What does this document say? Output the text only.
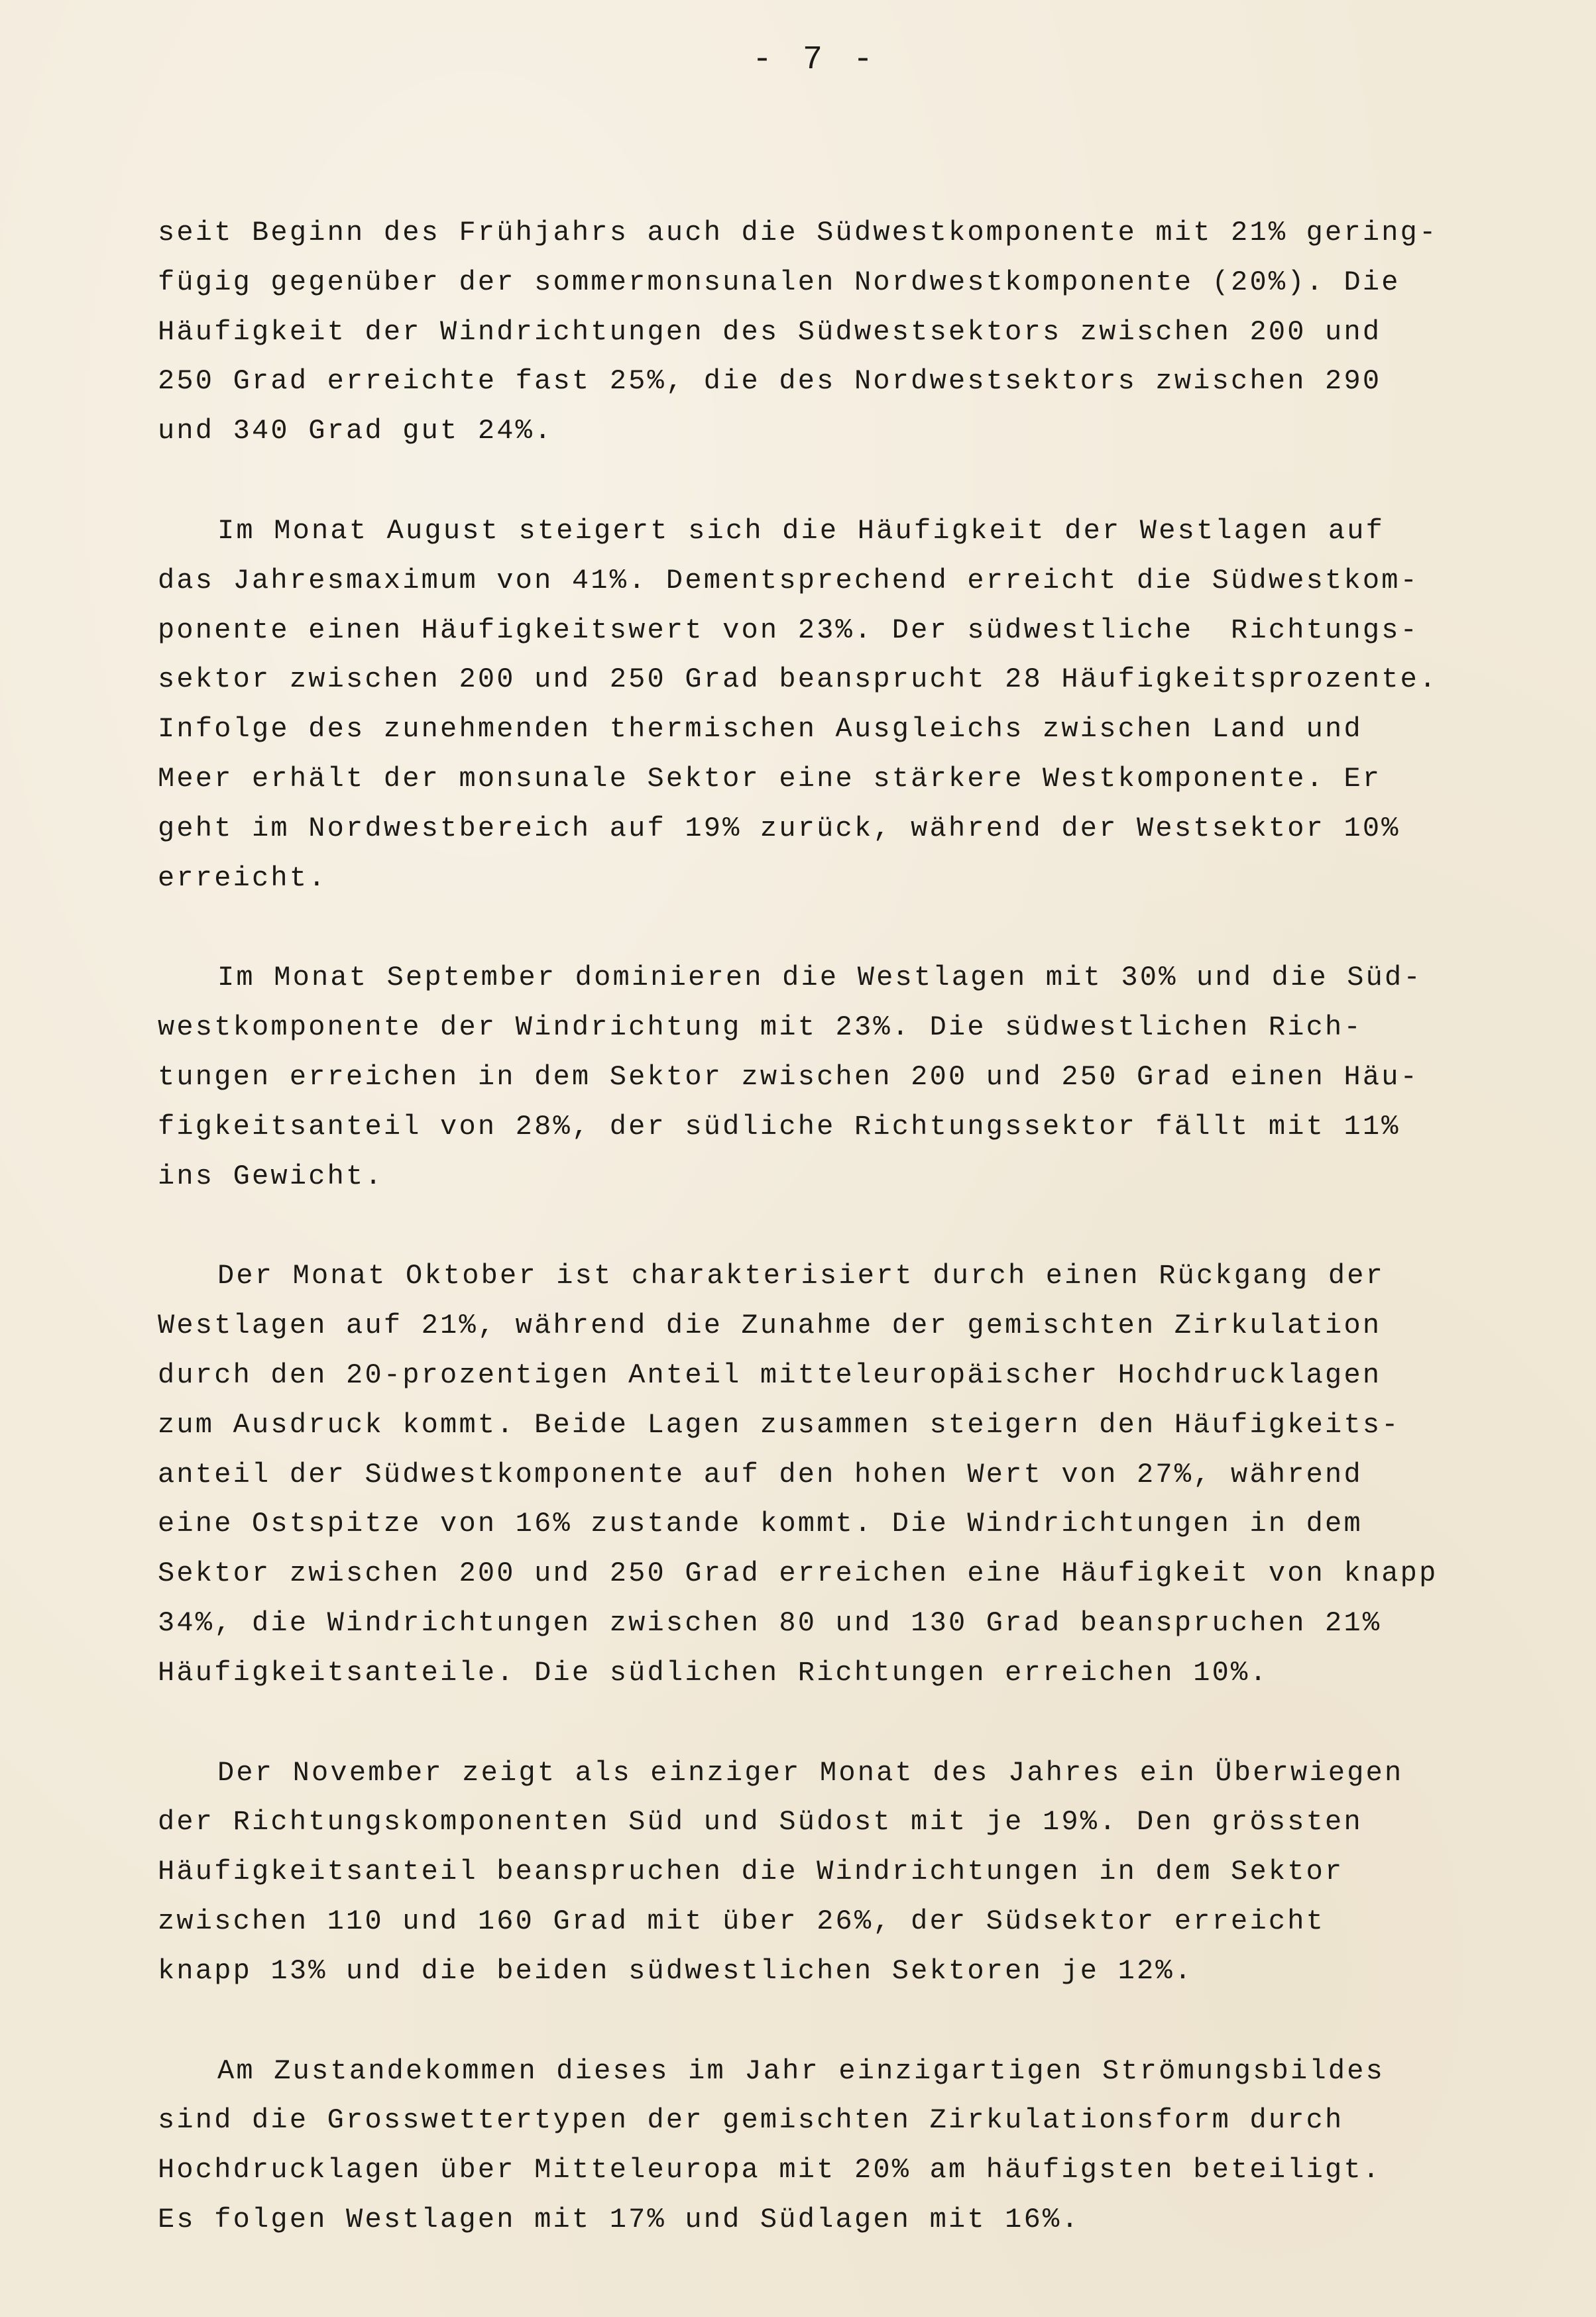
- 7 -
seit Beginn des Frühjahrs auch die Südwestkomponente mit 21% gering-
fügig gegenüber der sommermonsunalen Nordwestkomponente (20%). Die
Häufigkeit der Windrichtungen des Südwestsektors zwischen 200 und
250 Grad erreichte fast 25%, die des Nordwestsektors zwischen 290
und 340 Grad gut 24%.
Im Monat August steigert sich die Häufigkeit der Westlagen auf
das Jahresmaximum von 41%. Dementsprechend erreicht die Südwestkom-
ponente einen Häufigkeitswert von 23%. Der südwestliche  Richtungs-
sektor zwischen 200 und 250 Grad beansprucht 28 Häufigkeitsprozente.
Infolge des zunehmenden thermischen Ausgleichs zwischen Land und
Meer erhält der monsunale Sektor eine stärkere Westkomponente. Er
geht im Nordwestbereich auf 19% zurück, während der Westsektor 10%
erreicht.
Im Monat September dominieren die Westlagen mit 30% und die Süd-
westkomponente der Windrichtung mit 23%. Die südwestlichen Rich-
tungen erreichen in dem Sektor zwischen 200 und 250 Grad einen Häu-
figkeitsanteil von 28%, der südliche Richtungssektor fällt mit 11%
ins Gewicht.
Der Monat Oktober ist charakterisiert durch einen Rückgang der
Westlagen auf 21%, während die Zunahme der gemischten Zirkulation
durch den 20-prozentigen Anteil mitteleuropäischer Hochdrucklagen
zum Ausdruck kommt. Beide Lagen zusammen steigern den Häufigkeits-
anteil der Südwestkomponente auf den hohen Wert von 27%, während
eine Ostspitze von 16% zustande kommt. Die Windrichtungen in dem
Sektor zwischen 200 und 250 Grad erreichen eine Häufigkeit von knapp
34%, die Windrichtungen zwischen 80 und 130 Grad beanspruchen 21%
Häufigkeitsanteile. Die südlichen Richtungen erreichen 10%.
Der November zeigt als einziger Monat des Jahres ein Überwiegen
der Richtungskomponenten Süd und Südost mit je 19%. Den grössten
Häufigkeitsanteil beanspruchen die Windrichtungen in dem Sektor
zwischen 110 und 160 Grad mit über 26%, der Südsektor erreicht
knapp 13% und die beiden südwestlichen Sektoren je 12%.
Am Zustandekommen dieses im Jahr einzigartigen Strömungsbildes
sind die Grosswettertypen der gemischten Zirkulationsform durch
Hochdrucklagen über Mitteleuropa mit 20% am häufigsten beteiligt.
Es folgen Westlagen mit 17% und Südlagen mit 16%.
